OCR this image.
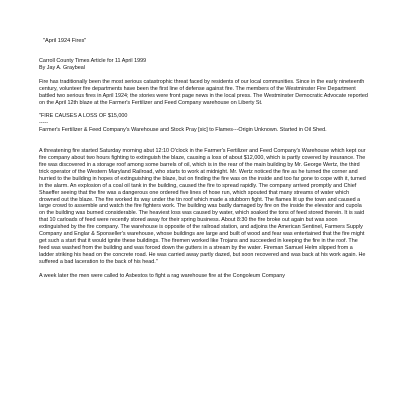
"April 1924 Fires"
Carroll County Times Article for 11 April 1999
By Jay A. Graybeal

Fire has traditionally been the most serious catastrophic threat faced by residents of our local communities. Since in the early nineteenth century, volunteer fire departments have been the first line of defense against fire. The members of the Westminster Fire Department battled two serious fires in April 1924; the stories were front page news in the local press. The Westminster Democratic Advocate reported on the April 12th blaze at the Farmer's Fertilizer and Feed Company warehouse on Liberty St.

"FIRE CAUSES A LOSS OF $15,000
-----

Farmer's Fertilizer & Feed Company's Warehouse and Stock Pray [sic] to Flames---Origin Unknown. Started in Oil Shed.

A threatening fire started Saturday morning abut 12:10 O'clock in the Farmer's Fertilizer and Feed Company's Warehouse which kept our fire company about two hours fighting to extinguish the blaze, causing a loss of about $12,000, which is partly covered by insurance. The fire was discovered in a storage roof among some barrels of oil, which is in the rear of the main building by Mr. George Wertz, the third trick operator of the Western Maryland Railroad, who starts to work at midnight. Mr. Wertz noticed the fire as he turned the corner and hurried to the building in hopes of extinguishing the blaze, but on finding the fire was on the inside and too far gone to cope with it, turned in the alarm. An explosion of a coal oil tank in the building, caused the fire to spread rapidly. The company arrived promptly and Chief Shaeffer seeing that the fire was a dangerous one ordered five lines of hose run, which spouted that many streams of water which drowned out the blaze. The fire worked its way under the tin roof which made a stubborn fight. The flames lit up the town and caused a large crowd to assemble and watch the fire fighters work. The building was badly damaged by fire on the inside the elevator and cupola on the building was burned considerable. The heaviest loss was caused by water, which soaked the tons of feed stored therein. It is said that 10 carloads of feed were recently stored away for their spring business. About 8:30 the fire broke out again but was soon extinguished by the fire company. The warehouse is opposite of the railroad station, and adjoins the American Sentinel, Farmers Supply Company and Englar & Sponseller's warehouse, whose buildings are large and built of wood and fear was entertained that the fire might get such a start that it would ignite these buildings. The firemen worked like Trojans and succeeded in keeping the fire in the roof. The feed was washed from the building and was forced down the gutters in a stream by the water. Fireman Samuel Helm slipped from a ladder striking his head on the concrete road. He was carried away partly dazed, but soon recovered and was back at his work again. He suffered a bad laceration to the back of his head."

A week later the men were called to Asbestos to fight a rag warehouse fire at the Congoleum Company
